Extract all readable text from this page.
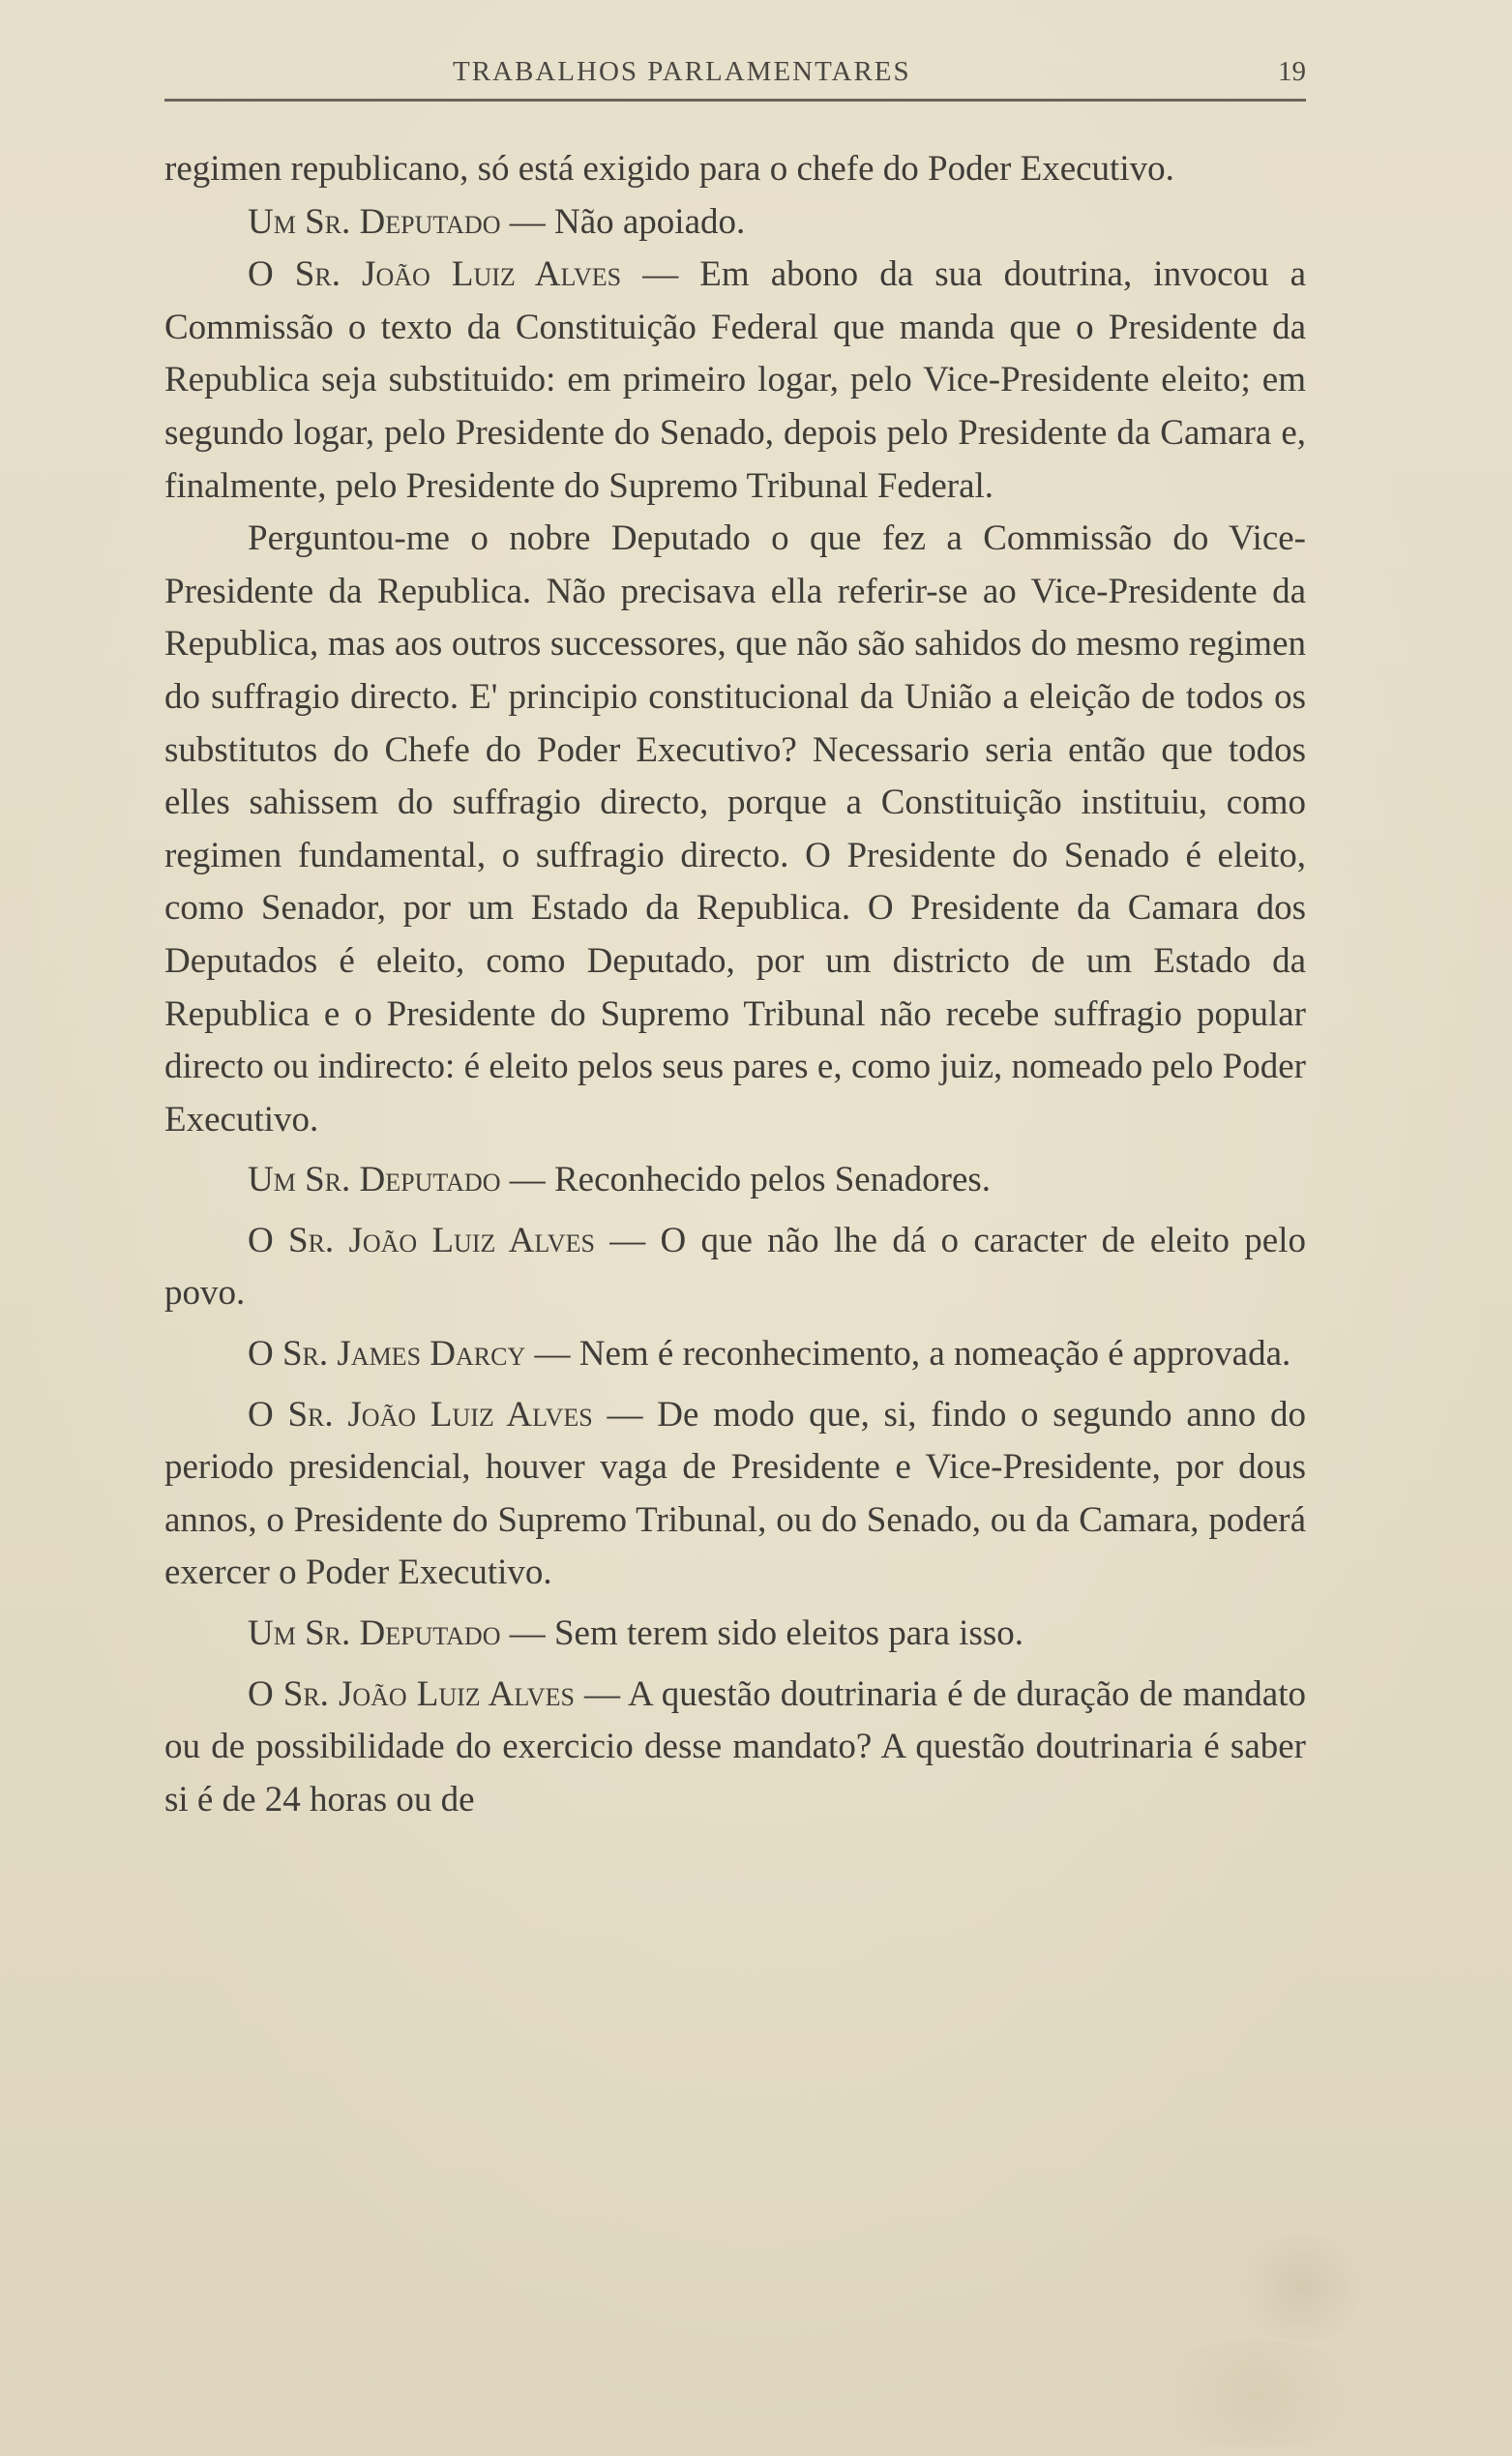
TRABALHOS PARLAMENTARES	19

regimen republicano, só está exigido para o chefe do Poder Executivo.

Um Sr. Deputado — Não apoiado.

O Sr. João Luiz Alves — Em abono da sua doutrina, invocou a Commissão o texto da Constituição Federal que manda que o Presidente da Republica seja substituido: em primeiro logar, pelo Vice-Presidente eleito; em segundo logar, pelo Presidente do Senado, depois pelo Presidente da Camara e, finalmente, pelo Presidente do Supremo Tribunal Federal.

Perguntou-me o nobre Deputado o que fez a Commissão do Vice-Presidente da Republica. Não precisava ella referir-se ao Vice-Presidente da Republica, mas aos outros successores, que não são sahidos do mesmo regimen do suffragio directo. E' principio constitucional da União a eleição de todos os substitutos do Chefe do Poder Executivo? Necessario seria então que todos elles sahissem do suffragio directo, porque a Constituição instituiu, como regimen fundamental, o suffragio directo. O Presidente do Senado é eleito, como Senador, por um Estado da Republica. O Presidente da Camara dos Deputados é eleito, como Deputado, por um districto de um Estado da Republica e o Presidente do Supremo Tribunal não recebe suffragio popular directo ou indirecto: é eleito pelos seus pares e, como juiz, nomeado pelo Poder Executivo.

Um Sr. Deputado — Reconhecido pelos Senadores.

O Sr. João Luiz Alves — O que não lhe dá o caracter de eleito pelo povo.

O Sr. James Darcy — Nem é reconhecimento, a nomeação é approvada.

O Sr. João Luiz Alves — De modo que, si, findo o segundo anno do periodo presidencial, houver vaga de Presidente e Vice-Presidente, por dous annos, o Presidente do Supremo Tribunal, ou do Senado, ou da Camara, poderá exercer o Poder Executivo.

Um Sr. Deputado — Sem terem sido eleitos para isso.

O Sr. João Luiz Alves — A questão doutrinaria é de duração de mandato ou de possibilidade do exercicio desse mandato? A questão doutrinaria é saber si é de 24 horas ou de
